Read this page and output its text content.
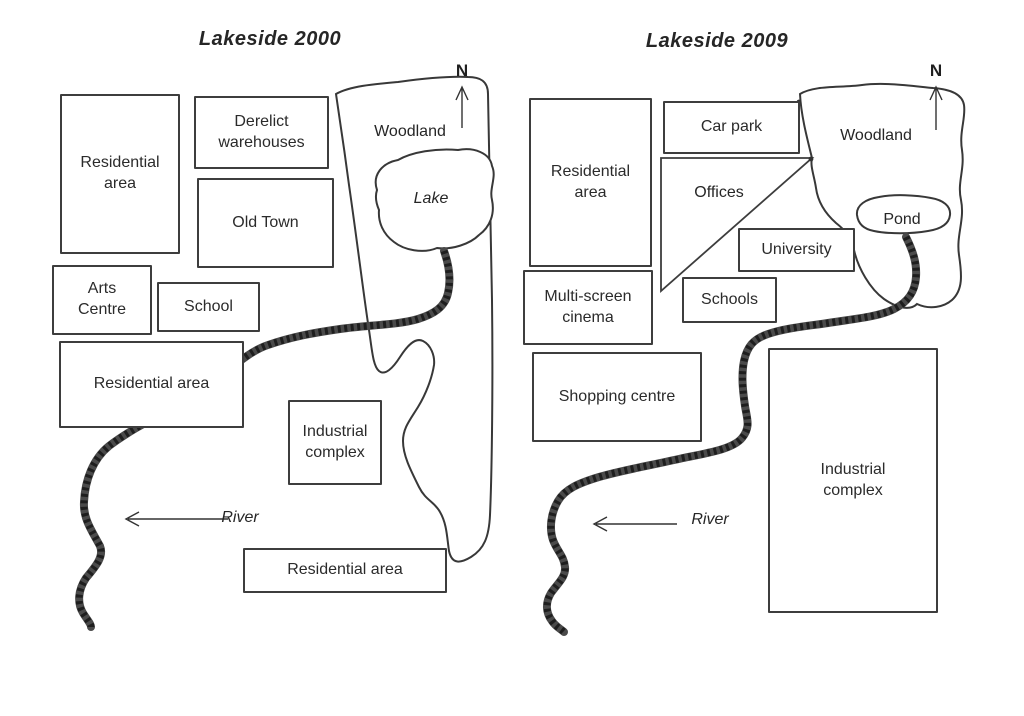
Lakeside 2000
Residential area
Derelict warehouses
Old Town
Arts Centre	School
Residential area
Industrial complex
Residential area
Woodland
Lake
River
N
Lakeside 2009
Residential area
Car park
Offices
University
Schools
Multi-screen cinema
Shopping centre
Industrial complex
Woodland
Pond
River
N
